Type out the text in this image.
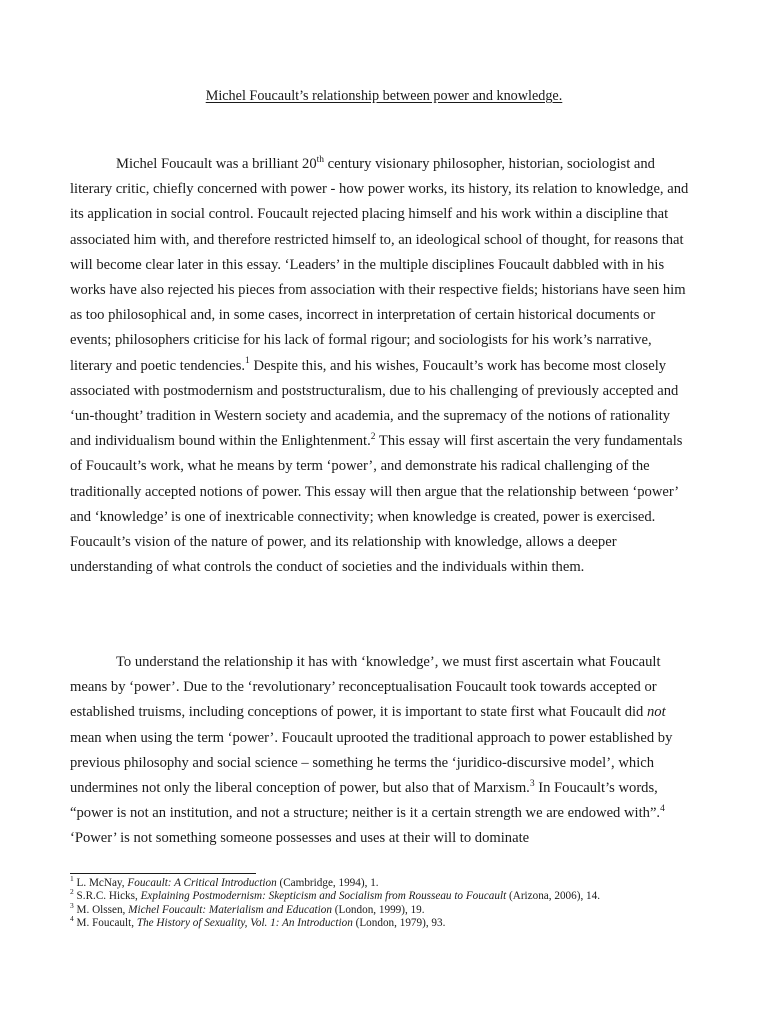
Michel Foucault’s relationship between power and knowledge.

Michel Foucault was a brilliant 20th century visionary philosopher, historian, sociologist and literary critic, chiefly concerned with power - how power works, its history, its relation to knowledge, and its application in social control. Foucault rejected placing himself and his work within a discipline that associated him with, and therefore restricted himself to, an ideological school of thought, for reasons that will become clear later in this essay. ‘Leaders’ in the multiple disciplines Foucault dabbled with in his works have also rejected his pieces from association with their respective fields; historians have seen him as too philosophical and, in some cases, incorrect in interpretation of certain historical documents or events; philosophers criticise for his lack of formal rigour; and sociologists for his work’s narrative, literary and poetic tendencies.$^1$ Despite this, and his wishes, Foucault’s work has become most closely associated with postmodernism and poststructuralism, due to his challenging of previously accepted and ‘un-thought’ tradition in Western society and academia, and the supremacy of the notions of rationality and individualism bound within the Enlightenment.$^2$ This essay will first ascertain the very fundamentals of Foucault’s work, what he means by term ‘power’, and demonstrate his radical challenging of the traditionally accepted notions of power. This essay will then argue that the relationship between ‘power’ and ‘knowledge’ is one of inextricable connectivity; when knowledge is created, power is exercised. Foucault’s vision of the nature of power, and its relationship with knowledge, allows a deeper understanding of what controls the conduct of societies and the individuals within them.

To understand the relationship it has with ‘knowledge’, we must first ascertain what Foucault means by ‘power’. Due to the ‘revolutionary’ reconceptualisation Foucault took towards accepted or established truisms, including conceptions of power, it is important to state first what Foucault did not mean when using the term ‘power’. Foucault uprooted the traditional approach to power established by previous philosophy and social science – something he terms the ‘juridico-discursive model’, which undermines not only the liberal conception of power, but also that of Marxism.$^3$ In Foucault’s words, “power is not an institution, and not a structure; neither is it a certain strength we are endowed with”.$^4$ ‘Power’ is not something someone possesses and uses at their will to dominate

$^1$ L. McNay, Foucault: A Critical Introduction (Cambridge, 1994), 1.

$^2$ S.R.C. Hicks, Explaining Postmodernism: Skepticism and Socialism from Rousseau to Foucault (Arizona, 2006), 14.

$^3$ M. Olssen, Michel Foucault: Materialism and Education (London, 1999), 19.

$^4$ M. Foucault, The History of Sexuality, Vol. 1: An Introduction (London, 1979), 93.
